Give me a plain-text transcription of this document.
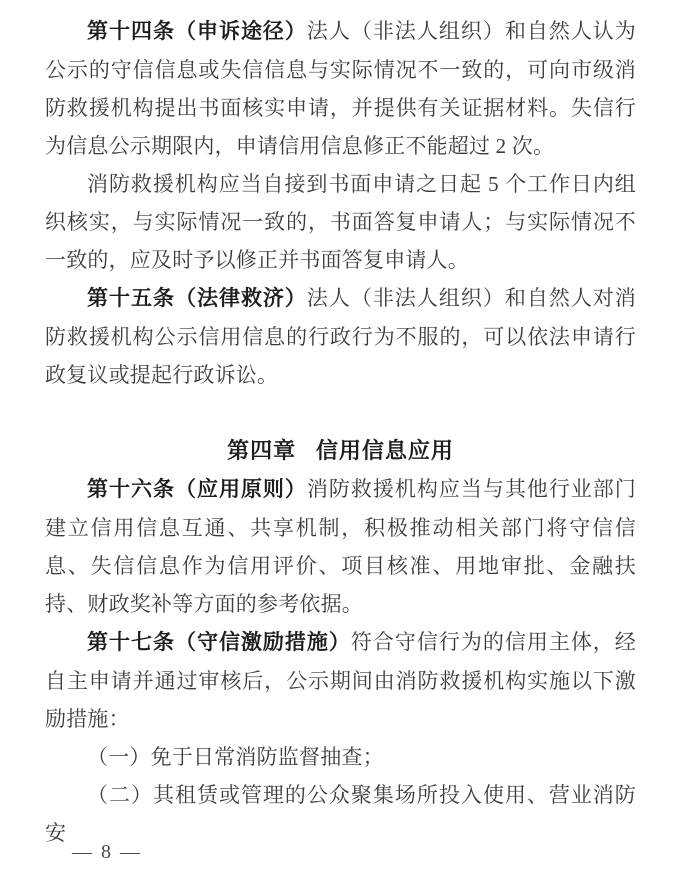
第十四条（申诉途径）法人（非法人组织）和自然人认为公示的守信信息或失信信息与实际情况不一致的，可向市级消防救援机构提出书面核实申请，并提供有关证据材料。失信行为信息公示期限内，申请信用信息修正不能超过 2 次。

消防救援机构应当自接到书面申请之日起 5 个工作日内组织核实，与实际情况一致的，书面答复申请人；与实际情况不一致的，应及时予以修正并书面答复申请人。

第十五条（法律救济）法人（非法人组织）和自然人对消防救援机构公示信用信息的行政行为不服的，可以依法申请行政复议或提起行政诉讼。

第四章 信用信息应用

第十六条（应用原则）消防救援机构应当与其他行业部门建立信用信息互通、共享机制，积极推动相关部门将守信信息、失信信息作为信用评价、项目核准、用地审批、金融扶持、财政奖补等方面的参考依据。

第十七条（守信激励措施）符合守信行为的信用主体，经自主申请并通过审核后，公示期间由消防救援机构实施以下激励措施：

（一）免于日常消防监督抽查；

（二）其租赁或管理的公众聚集场所投入使用、营业消防安

— 8 —
